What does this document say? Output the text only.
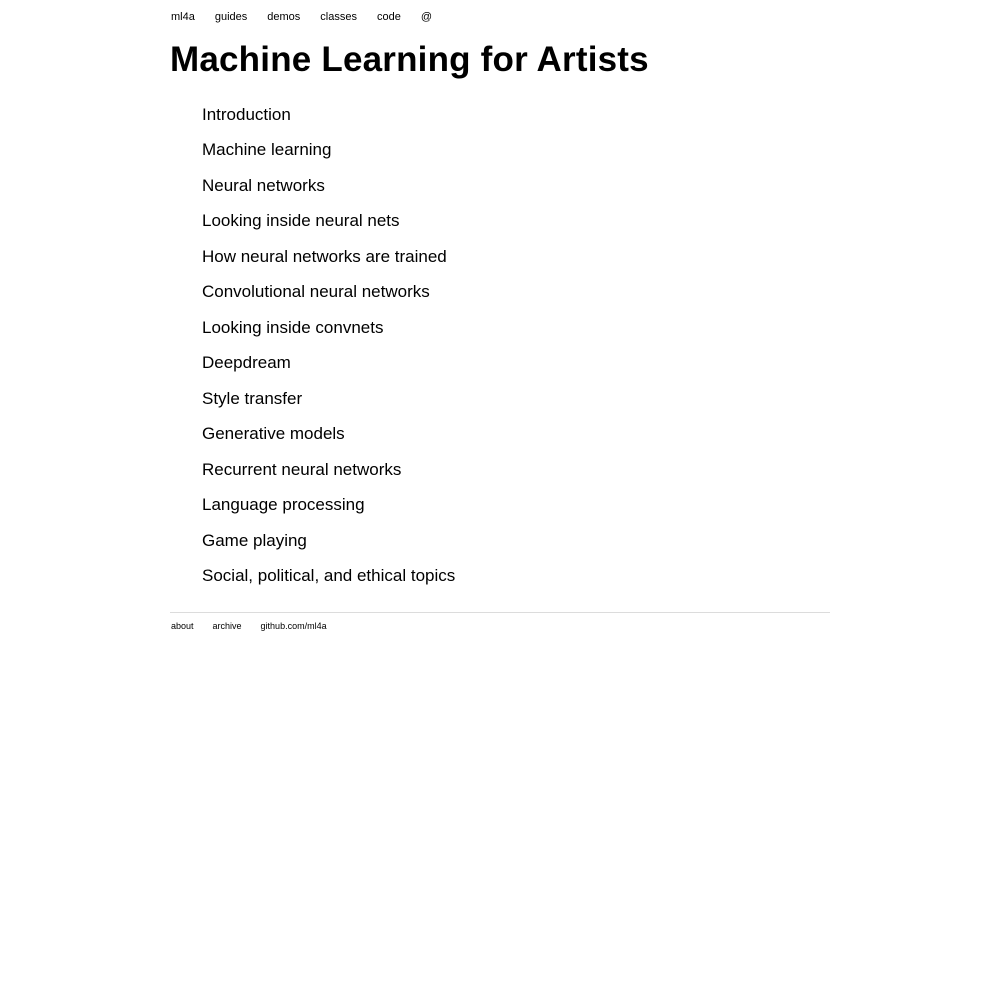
ml4a guides demos classes code @
Machine Learning for Artists
Introduction
Machine learning
Neural networks
Looking inside neural nets
How neural networks are trained
Convolutional neural networks
Looking inside convnets
Deepdream
Style transfer
Generative models
Recurrent neural networks
Language processing
Game playing
Social, political, and ethical topics
about archive github.com/ml4a
